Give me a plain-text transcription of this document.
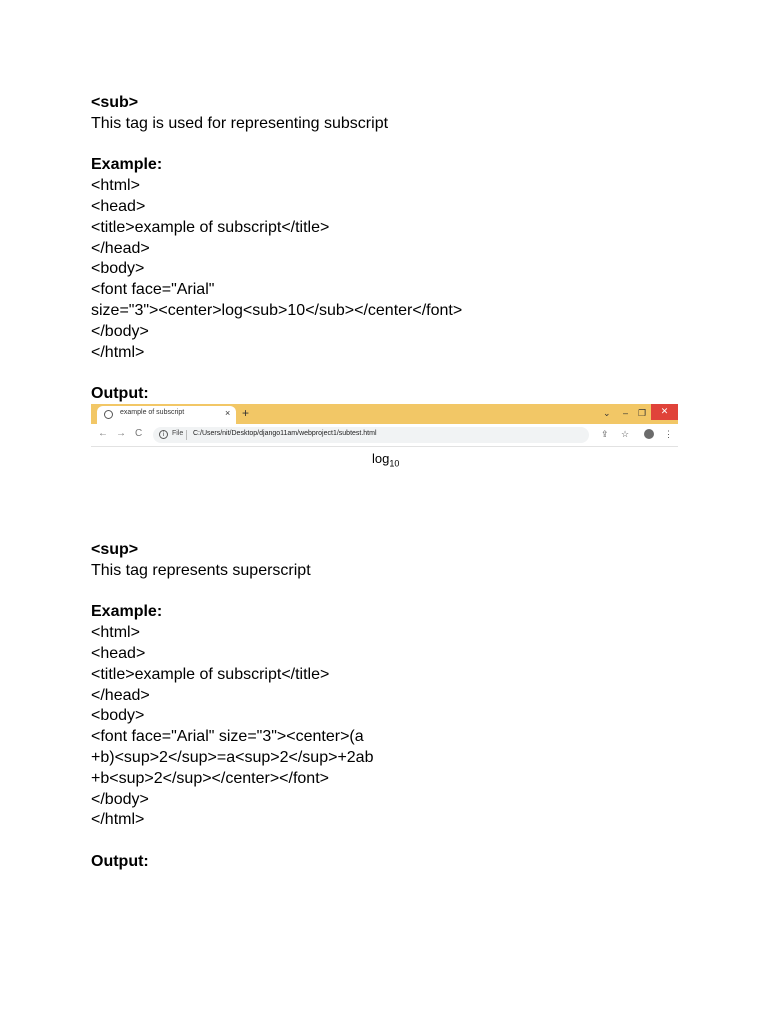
<sub>
This tag is used for representing subscript
Example:
<html>
<head>
<title>example of subscript</title>
</head>
<body>
<font face="Arial"
size="3"><center>log<sub>10</sub></center</font>
</body>
</html>
Output:
example of subscript	× +	⌄ – ❐	✕
← → C	i	File C:/Users/nit/Desktop/django11am/webproject1/subtest.html	⇪ ☆	⋮
$\log_{10}$
<sup>
This tag represents superscript
Example:
<html>
<head>
<title>example of subscript</title>
</head>
<body>
<font face="Arial" size="3"><center>(a
+b)<sup>2</sup>=a<sup>2</sup>+2ab
+b<sup>2</sup></center></font>
</body>
</html>
Output:
